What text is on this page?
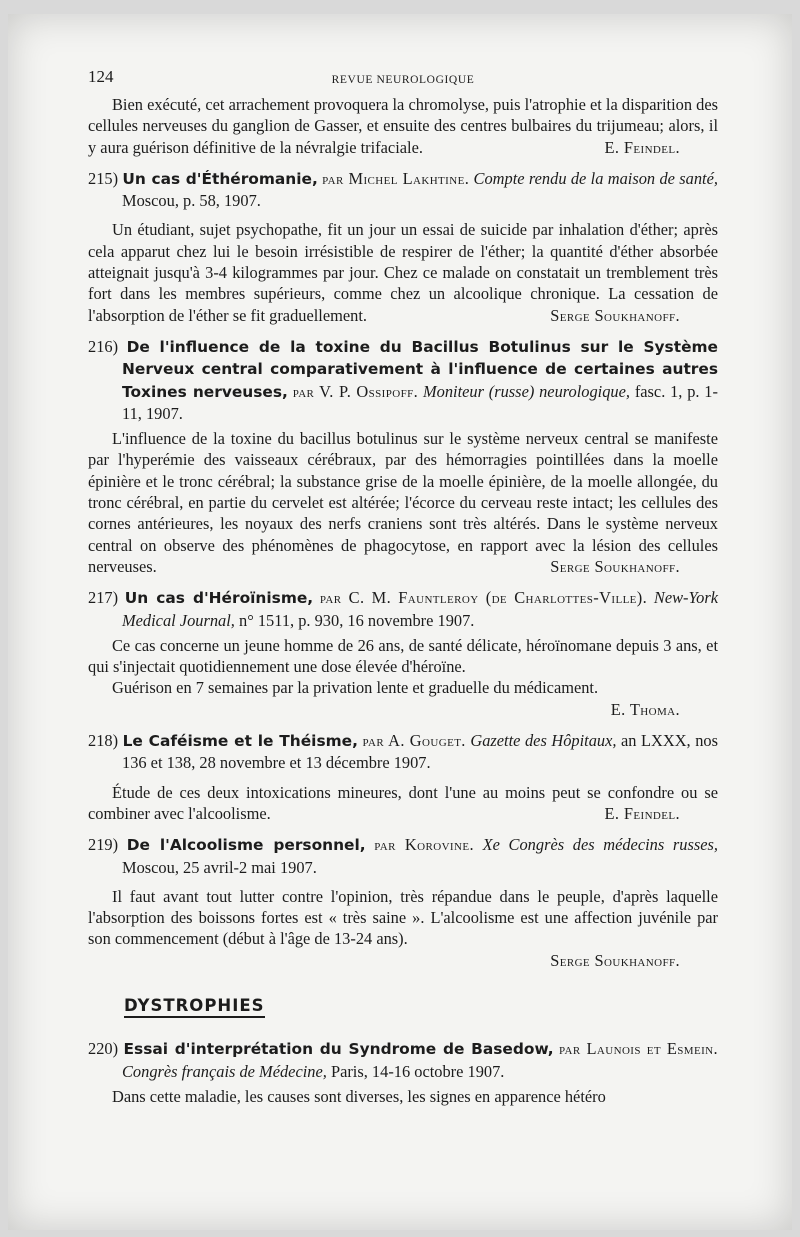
124	REVUE NEUROLOGIQUE

Bien exécuté, cet arrachement provoquera la chromolyse, puis l'atrophie et la disparition des cellules nerveuses du ganglion de Gasser, et ensuite des centres bulbaires du trijumeau; alors, il y aura guérison définitive de la névralgie trifaciale.	E. Feindel.

215) Un cas d'Éthéromanie, par Michel Lakhtine. Compte rendu de la maison de santé, Moscou, p. 58, 1907.

Un étudiant, sujet psychopathe, fit un jour un essai de suicide par inhalation d'éther; après cela apparut chez lui le besoin irrésistible de respirer de l'éther; la quantité d'éther absorbée atteignait jusqu'à 3-4 kilogrammes par jour. Chez ce malade on constatait un tremblement très fort dans les membres supérieurs, comme chez un alcoolique chronique. La cessation de l'absorption de l'éther se fit graduellement.	Serge Soukhanoff.

216) De l'influence de la toxine du Bacillus Botulinus sur le Système Nerveux central comparativement à l'influence de certaines autres Toxines nerveuses, par V. P. Ossipoff. Moniteur (russe) neurologique, fasc. 1, p. 1-11, 1907.

L'influence de la toxine du bacillus botulinus sur le système nerveux central se manifeste par l'hyperémie des vaisseaux cérébraux, par des hémorragies pointillées dans la moelle épinière et le tronc cérébral; la substance grise de la moelle épinière, de la moelle allongée, du tronc cérébral, en partie du cervelet est altérée; l'écorce du cerveau reste intact; les cellules des cornes antérieures, les noyaux des nerfs craniens sont très altérés. Dans le système nerveux central on observe des phénomènes de phagocytose, en rapport avec la lésion des cellules nerveuses.	Serge Soukhanoff.

217) Un cas d'Héroïnisme, par C. M. Fauntleroy (de Charlottes-Ville). New-York Medical Journal, n° 1511, p. 930, 16 novembre 1907.

Ce cas concerne un jeune homme de 26 ans, de santé délicate, héroïnomane depuis 3 ans, et qui s'injectait quotidiennement une dose élevée d'héroïne.

Guérison en 7 semaines par la privation lente et graduelle du médicament.

E. Thoma.

218) Le Caféisme et le Théisme, par A. Gouget. Gazette des Hôpitaux, an LXXX, nos 136 et 138, 28 novembre et 13 décembre 1907.

Étude de ces deux intoxications mineures, dont l'une au moins peut se confondre ou se combiner avec l'alcoolisme.	E. Feindel.

219) De l'Alcoolisme personnel, par Korovine. Xe Congrès des médecins russes, Moscou, 25 avril-2 mai 1907.

Il faut avant tout lutter contre l'opinion, très répandue dans le peuple, d'après laquelle l'absorption des boissons fortes est « très saine ». L'alcoolisme est une affection juvénile par son commencement (début à l'âge de 13-24 ans).

Serge Soukhanoff.

DYSTROPHIES

220) Essai d'interprétation du Syndrome de Basedow, par Launois et Esmein. Congrès français de Médecine, Paris, 14-16 octobre 1907.

Dans cette maladie, les causes sont diverses, les signes en apparence hétéro
